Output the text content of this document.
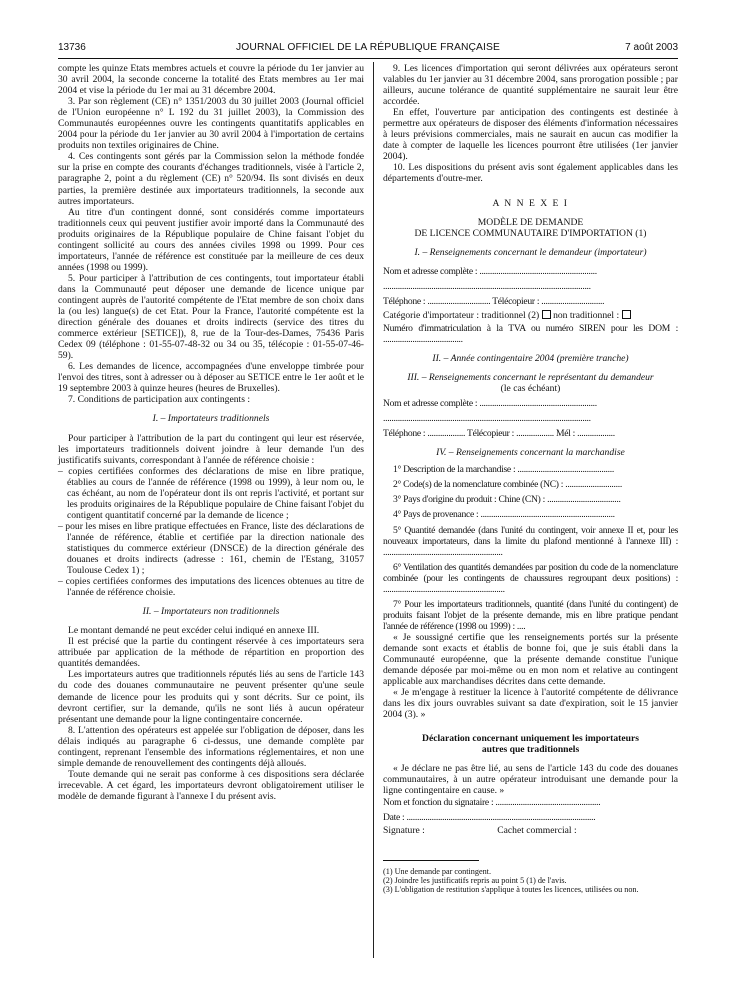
13736	JOURNAL OFFICIEL DE LA RÉPUBLIQUE FRANÇAISE	7 août 2003

compte les quinze Etats membres actuels et couvre la période du 1er janvier au 30 avril 2004, la seconde concerne la totalité des Etats membres au 1er mai 2004 et vise la période du 1er mai au 31 décembre 2004.

3. Par son règlement (CE) n° 1351/2003 du 30 juillet 2003 (Journal officiel de l'Union européenne n° L 192 du 31 juillet 2003), la Commission des Communautés européennes ouvre les contingents quantitatifs applicables en 2004 pour la période du 1er janvier au 30 avril 2004 à l'importation de certains produits non textiles originaires de Chine.

4. Ces contingents sont gérés par la Commission selon la méthode fondée sur la prise en compte des courants d'échanges traditionnels, visée à l'article 2, paragraphe 2, point a du règlement (CE) n° 520/94. Ils sont divisés en deux parties, la première destinée aux importateurs traditionnels, la seconde aux autres importateurs.

Au titre d'un contingent donné, sont considérés comme importateurs traditionnels ceux qui peuvent justifier avoir importé dans la Communauté des produits originaires de la République populaire de Chine faisant l'objet du contingent sollicité au cours des années civiles 1998 ou 1999. Pour ces importateurs, l'année de référence est constituée par la meilleure de ces deux années (1998 ou 1999).

5. Pour participer à l'attribution de ces contingents, tout importateur établi dans la Communauté peut déposer une demande de licence unique par contingent auprès de l'autorité compétente de l'Etat membre de son choix dans la (ou les) langue(s) de cet Etat. Pour la France, l'autorité compétente est la direction générale des douanes et droits indirects (service des titres du commerce extérieur [SETICE]), 8, rue de la Tour-des-Dames, 75436 Paris Cedex 09 (téléphone : 01-55-07-48-32 ou 34 ou 35, télécopie : 01-55-07-46-59).

6. Les demandes de licence, accompagnées d'une enveloppe timbrée pour l'envoi des titres, sont à adresser ou à déposer au SETICE entre le 1er août et le 19 septembre 2003 à quinze heures (heures de Bruxelles).

7. Conditions de participation aux contingents :

I. – Importateurs traditionnels

Pour participer à l'attribution de la part du contingent qui leur est réservée, les importateurs traditionnels doivent joindre à leur demande l'un des justificatifs suivants, correspondant à l'année de référence choisie :

– copies certifiées conformes des déclarations de mise en libre pratique, établies au cours de l'année de référence (1998 ou 1999), à leur nom ou, le cas échéant, au nom de l'opérateur dont ils ont repris l'activité, et portant sur les produits originaires de la République populaire de Chine faisant l'objet du contigent quantitatif concerné par la demande de licence ;

– pour les mises en libre pratique effectuées en France, liste des déclarations de l'année de référence, établie et certifiée par la direction nationale des statistiques du commerce extérieur (DNSCE) de la direction générale des douanes et droits indirects (adresse : 161, chemin de l'Estang, 31057 Toulouse Cedex 1) ;

– copies certifiées conformes des imputations des licences obtenues au titre de l'année de référence choisie.

II. – Importateurs non traditionnels

Le montant demandé ne peut excéder celui indiqué en annexe III.

Il est précisé que la partie du contingent réservée à ces importateurs sera attribuée par application de la méthode de répartition en proportion des quantités demandées.

Les importateurs autres que traditionnels réputés liés au sens de l'article 143 du code des douanes communautaire ne peuvent présenter qu'une seule demande de licence pour les produits qui y sont décrits. Sur ce point, ils devront certifier, sur la demande, qu'ils ne sont liés à aucun opérateur présentant une demande pour la ligne contingentaire concernée.

8. L'attention des opérateurs est appelée sur l'obligation de déposer, dans les délais indiqués au paragraphe 6 ci-dessus, une demande complète par contingent, reprenant l'ensemble des informations réglementaires, et non une simple demande de renouvellement des contingents déjà alloués.

Toute demande qui ne serait pas conforme à ces dispositions sera déclarée irrecevable. A cet égard, les importateurs devront obligatoirement utiliser le modèle de demande figurant à l'annexe I du présent avis.

9. Les licences d'importation qui seront délivrées aux opérateurs seront valables du 1er janvier au 31 décembre 2004, sans prorogation possible ; par ailleurs, aucune tolérance de quantité supplémentaire ne saurait leur être accordée.

En effet, l'ouverture par anticipation des contingents est destinée à permettre aux opérateurs de disposer des éléments d'information nécessaires à leurs prévisions commerciales, mais ne saurait en aucun cas modifier la date à compter de laquelle les licences pourront être utilisées (1er janvier 2004).

10. Les dispositions du présent avis sont également applicables dans les départements d'outre-mer.

A N N E X E I

MODÈLE DE DEMANDE

DE LICENCE COMMUNAUTAIRE D'IMPORTATION (1)

I. – Renseignements concernant le demandeur (importateur)

Nom et adresse complète : ........................................................

...................................................................................................

Téléphone : .............................. Télécopieur : ..............................

Catégorie d'importateur : traditionnel (2) non traditionnel :

Numéro d'immatriculation à la TVA ou numéro SIREN pour les DOM : ......................................

II. – Année contingentaire 2004 (première tranche)

III. – Renseignements concernant le représentant du demandeur

(le cas échéant)

Nom et adresse complète : ........................................................

...................................................................................................

Téléphone : .................. Télécopieur : .................. Mél : ..................

IV. – Renseignements concernant la marchandise

1° Description de la marchandise : ..............................................

2° Code(s) de la nomenclature combinée (NC) : ...........................

3° Pays d'origine du produit : Chine (CN) : ...................................

4° Pays de provenance : ................................................................

5° Quantité demandée (dans l'unité du contingent, voir annexe II et, pour les nouveaux importateurs, dans la limite du plafond mentionné à l'annexe III) : .........................................................

6° Ventilation des quantités demandées par position du code de la nomenclature combinée (pour les contingents de chaussures regroupant deux positions) : ..........................................................

7° Pour les importateurs traditionnels, quantité (dans l'unité du contingent) de produits faisant l'objet de la présente demande, mis en libre pratique pendant l'année de référence (1998 ou 1999) : ....

« Je soussigné certifie que les renseignements portés sur la présente demande sont exacts et établis de bonne foi, que je suis établi dans la Communauté européenne, que la présente demande constitue l'unique demande déposée par moi-même ou en mon nom et relative au contingent applicable aux marchandises décrites dans cette demande.

« Je m'engage à restituer la licence à l'autorité compétente de délivrance dans les dix jours ouvrables suivant sa date d'expiration, soit le 15 janvier 2004 (3). »

Déclaration concernant uniquement les importateurs

autres que traditionnels

« Je déclare ne pas être lié, au sens de l'article 143 du code des douanes communautaires, à un autre opérateur introduisant une demande pour la ligne contingentaire en cause. »

Nom et fonction du signataire : ..................................................

Date : ..........................................................................................

Signature :	Cachet commercial :

(1) Une demande par contingent.

(2) Joindre les justificatifs repris au point 5 (1) de l'avis.

(3) L'obligation de restitution s'applique à toutes les licences, utilisées ou non.
